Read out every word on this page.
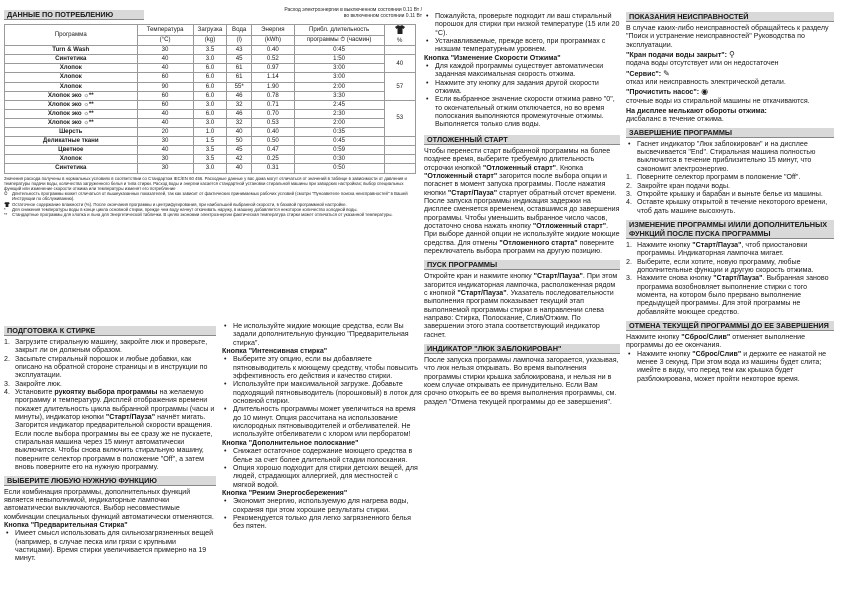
ДАННЫЕ ПО ПОТРЕБЛЕНИЮ	Расход электроэнергии в выключенном состоянии 0.11 Вт /
во включенном состоянии 0.11 Вт
Программа	Температура	Загрузка	Вода	Энергия	Прибл. длительность	%
	(°C)	(kg)	(l)	(kWh)	программы ⏱ (часмин)	
Turn & Wash	30	3.5	43	0.40	0:45	
Синтетика	40	3.0	45	0.52	1:50	40
Хлопок	40	6.0	61	0.97	3:00	
Хлопок	60	6.0	61	1.14	3:00	57
Хлопок	90	6.0	55*	1.90	2:00	
Хлопок эко ☼**	60	6.0	46	0.78	3:30	
Хлопок эко ☼**	60	3.0	32	0.71	2:45	53
Хлопок эко ☼**	40	6.0	46	0.70	2:30	
Хлопок эко ☼**	40	3.0	32	0.53	2:00	
Шерсть	20	1.0	40	0.40	0:35	
Деликатные ткани	30	1.5	50	0.50	0:45	
Цветное	40	3.5	45	0.47	0:59	
Хлопок	30	3.5	42	0.25	0:30	
Синтетика	30	3.0	40	0.31	0:50	

Значения расхода получены в нормальных условиях в соответствии со Стандартом IEC/EN 60 456. Расходные данные у вас дома могут отличаться от значений в таблице в зависимости от давления и температуры подачи воды, количества загруженного белья и типа стирки. Расход воды и энергии касается стандартной установки стиральной машины при заводских настройках; выбор специальных функций или изменение скорости отжима или температуры изменят его потребление

⏱ Длительность программы может отличаться от вышеуказанных показателей, так как зависит от фактических принимаемых рабочих условий (смотри "Пуноавителе поиска неисправностей" в Вашей Инструкции по обслуживанию).

Остаточное содержание влажности (%). После окончания программы и центрифугирования, при наибольшей выбранной скорости, в базовой программной настройке.

* Для снижения температуры воды в конце цикла основной стирки, прежде чем воду начнут откачивать наружу, в машину добавляется некоторое количество холодной воды.

** Стандартные программы для хлопка и льна для Энергетической таблички. В целях экономии электроэнергии фактическая температура стирки может отличаться от указанной температуры.

ПОДГОТОВКА К СТИРКЕ
1. Загрузите стиральную машину, закройте люк и проверьте, закрыт ли он должным образом.
2. Засыпьте стиральный порошок и любые добавки, как описано на обратной стороне страницы и в инструкции по эксплуатации.
3. Закройте люк.
4. Установите рукоятку выбора программы на желаемую программу и температуру. Дисплей отображения времени покажет длительность цикла выбранной программы (часы и минуты), индикатор кнопки "Старт/Пауза" начнёт мигать. Загорится индикатор предварительной скорости вращения. Если после выбора программы вы ее сразу же не пускаете, стиральная машина через 15 минут автоматически выключится. Чтобы снова включить стиральную машину, поверните селектор программ в положение "Off", а затем вновь поверните его на нужную программу.
ВЫБЕРИТЕ ЛЮБУЮ НУЖНУЮ ФУНКЦИЮ
Если комбинация программы, дополнительных функций является невыполнимой, индикаторные лампочки автоматически выключаются. Выбор несовместимые комбинации специальных функций автоматически отменяются.
Кнопка "Предварительная Стирка"
• Имеет смысл использовать для сильнозагрязненных вещей (например, в случае песка или грязи с крупными частицами). Время стирки увеличивается примерно на 19 минут.
• Не используйте жидкие моющие средства, если Вы задали дополнительную функцию "Предварительная стирка".
Кнопка "Интенсивная стирка"
• Выберите эту опцию, если вы добавляете пятновыводитель к моющему средству, чтобы повысить эффективность его действия и качество стирки.
• Используйте при максимальной загрузке. Добавьте подходящий пятновыводитель (порошковый) в лоток для основной стирки.
• Длительность программы может увеличиться на время до 10 минут. Опция рассчитана на использование кислородных пятновыводителей и отбеливателей. Не используйте отбеливатели с хлором или перборатом!
Кнопка "Дополнительное полоскание"
• Снижает остаточное содержание моющего средства в белье за счет более длительной стадии полоскания.
• Опция хорошо подходит для стирки детских вещей, для людей, страдающих аллергией, для местностей с мягкой водой.
Кнопка "Режим Энергосбережения"
• Экономит энергию, используемую для нагрева воды, сохраняя при этом хорошие результаты стирки.
• Рекомендуется только для легко загрязненного белья без пятен.
• Пожалуйста, проверьте подходит ли ваш стиральный порошок для стирки при низкой температуре (15 или 20 °C).
• Устанавливаемые, прежде всего, при программах с низшим температурным уровнем.
Кнопка "Изменение Скорости Отжима"
• Для каждой программы существует автоматически заданная максимальная скорость отжима.
• Нажмите эту кнопку для задания другой скорости отжима.
• Если выбранное значение скорости отжима равно "0", то окончательный отжим отключается, но во время полоскания выполняются промежуточные отжимы. Выполняется только слив воды.
ОТЛОЖЕННЫЙ СТАРТ
Чтобы перенести старт выбранной программы на более позднее время, выберите требуемую длительность отсрочки кнопкой "Отложенный старт". Кнопка "Отложенный старт" загорится после выбора опции и погаснет в момент запуска программы. После нажатия кнопки "Старт/Пауза" стартует обратный отсчет времени.
После запуска программы индикация задержки на дисплее сменяется временем, оставшимся до завершения программы. Чтобы уменьшить выбранное число часов, достаточно снова нажать кнопку "Отложенный старт". При выборе данной опции не используйте жидкие моющие средства. Для отмены "Отложенного старта" поверните переключатель выбора программ на другую позицию.
ПУСК ПРОГРАММЫ
Откройте кран и нажмите кнопку "Старт/Пауза". При этом загорится индикаторная лампочка, расположенная рядом с кнопкой "Старт/Пауза". Указатель последовательности выполнения программ показывает текущий этап выполняемой программы стирки в направлении слева направо: Стирка, Полоскание, Слив/Отжим. По завершении этого этапа соответствующий индикатор гаснет.
ИНДИКАТОР "ЛЮК ЗАБЛОКИРОВАН"
После запуска программы лампочка загорается, указывая, что люк нельзя открывать. Во время выполнения программы стирки крышка заблокирована, и нельзя ни в коем случае открывать ее принудительно. Если Вам срочно откорыть ее во время выполнения программы, см. раздел "Отмена текущей программы до ее завершения".
ПОКАЗАНИЯ НЕИСПРАВНОСТЕЙ
В случае каких-либо неисправностей обращайтесь к разделу "Поиск и устранение неисправностей" Руководства по эксплуатации.
"Кран подачи воды закрыт": ⚲
подача воды отсутствует или он недостаточен
"Сервис": ✎
отказ или неисправность электрической детали.
"Прочистить насос": ◉
сточные воды из стиральной машины не откачиваются.
На дисплее мелькают обороты отжима:
дисбаланс в течение отжима.
ЗАВЕРШЕНИЕ ПРОГРАММЫ
• Гаснет индикатор "Люк заблокирован" и на дисплее высвечивается "End". Стиральная машина полностью выключится в течение приблизительно 15 минут, что сэкономит электроэнергию.
1. Поверните селектор программ в положение "Off".
2. Закройте кран подачи воды.
3. Откройте крышку и барабан и выньте белье из машины.
4. Оставте крышку открытой в течение некоторого времени, чтоб дать машине высохнуть.
ИЗМЕНЕНИЕ ПРОГРАММЫ И/ИЛИ ДОПОЛНИТЕЛЬНЫХ ФУНКЦИЙ ПОСЛЕ ПУСКА ПРОГРАММЫ
1. Нажмите кнопку "Старт/Пауза", чтоб приостановки программы. Индикаторная лампочка мигает.
2. Выберите, если хотите, новую программу, любые дополнительные функции и другую скорость отжима.
3. Нажмите снова кнопку "Старт/Пауза". Выбранная заново программа возобновляет выполнение стирки с того момента, на котором было прервано выполнение предыдущей программы. Для этой программы не добавляйте моющее средство.
ОТМЕНА ТЕКУЩЕЙ ПРОГРАММЫ ДО ЕЕ ЗАВЕРШЕНИЯ
Нажмите кнопку "Сброс/Слив" отменяет выполнение программы до ее окончания.
• Нажмите кнопку "Сброс/Слив" и держите ее нажатой не менее 3 секунд. При этом вода из машины будет слита; имейте в виду, что перед тем как крышка будет разблокирована, может пройти некоторое время.
